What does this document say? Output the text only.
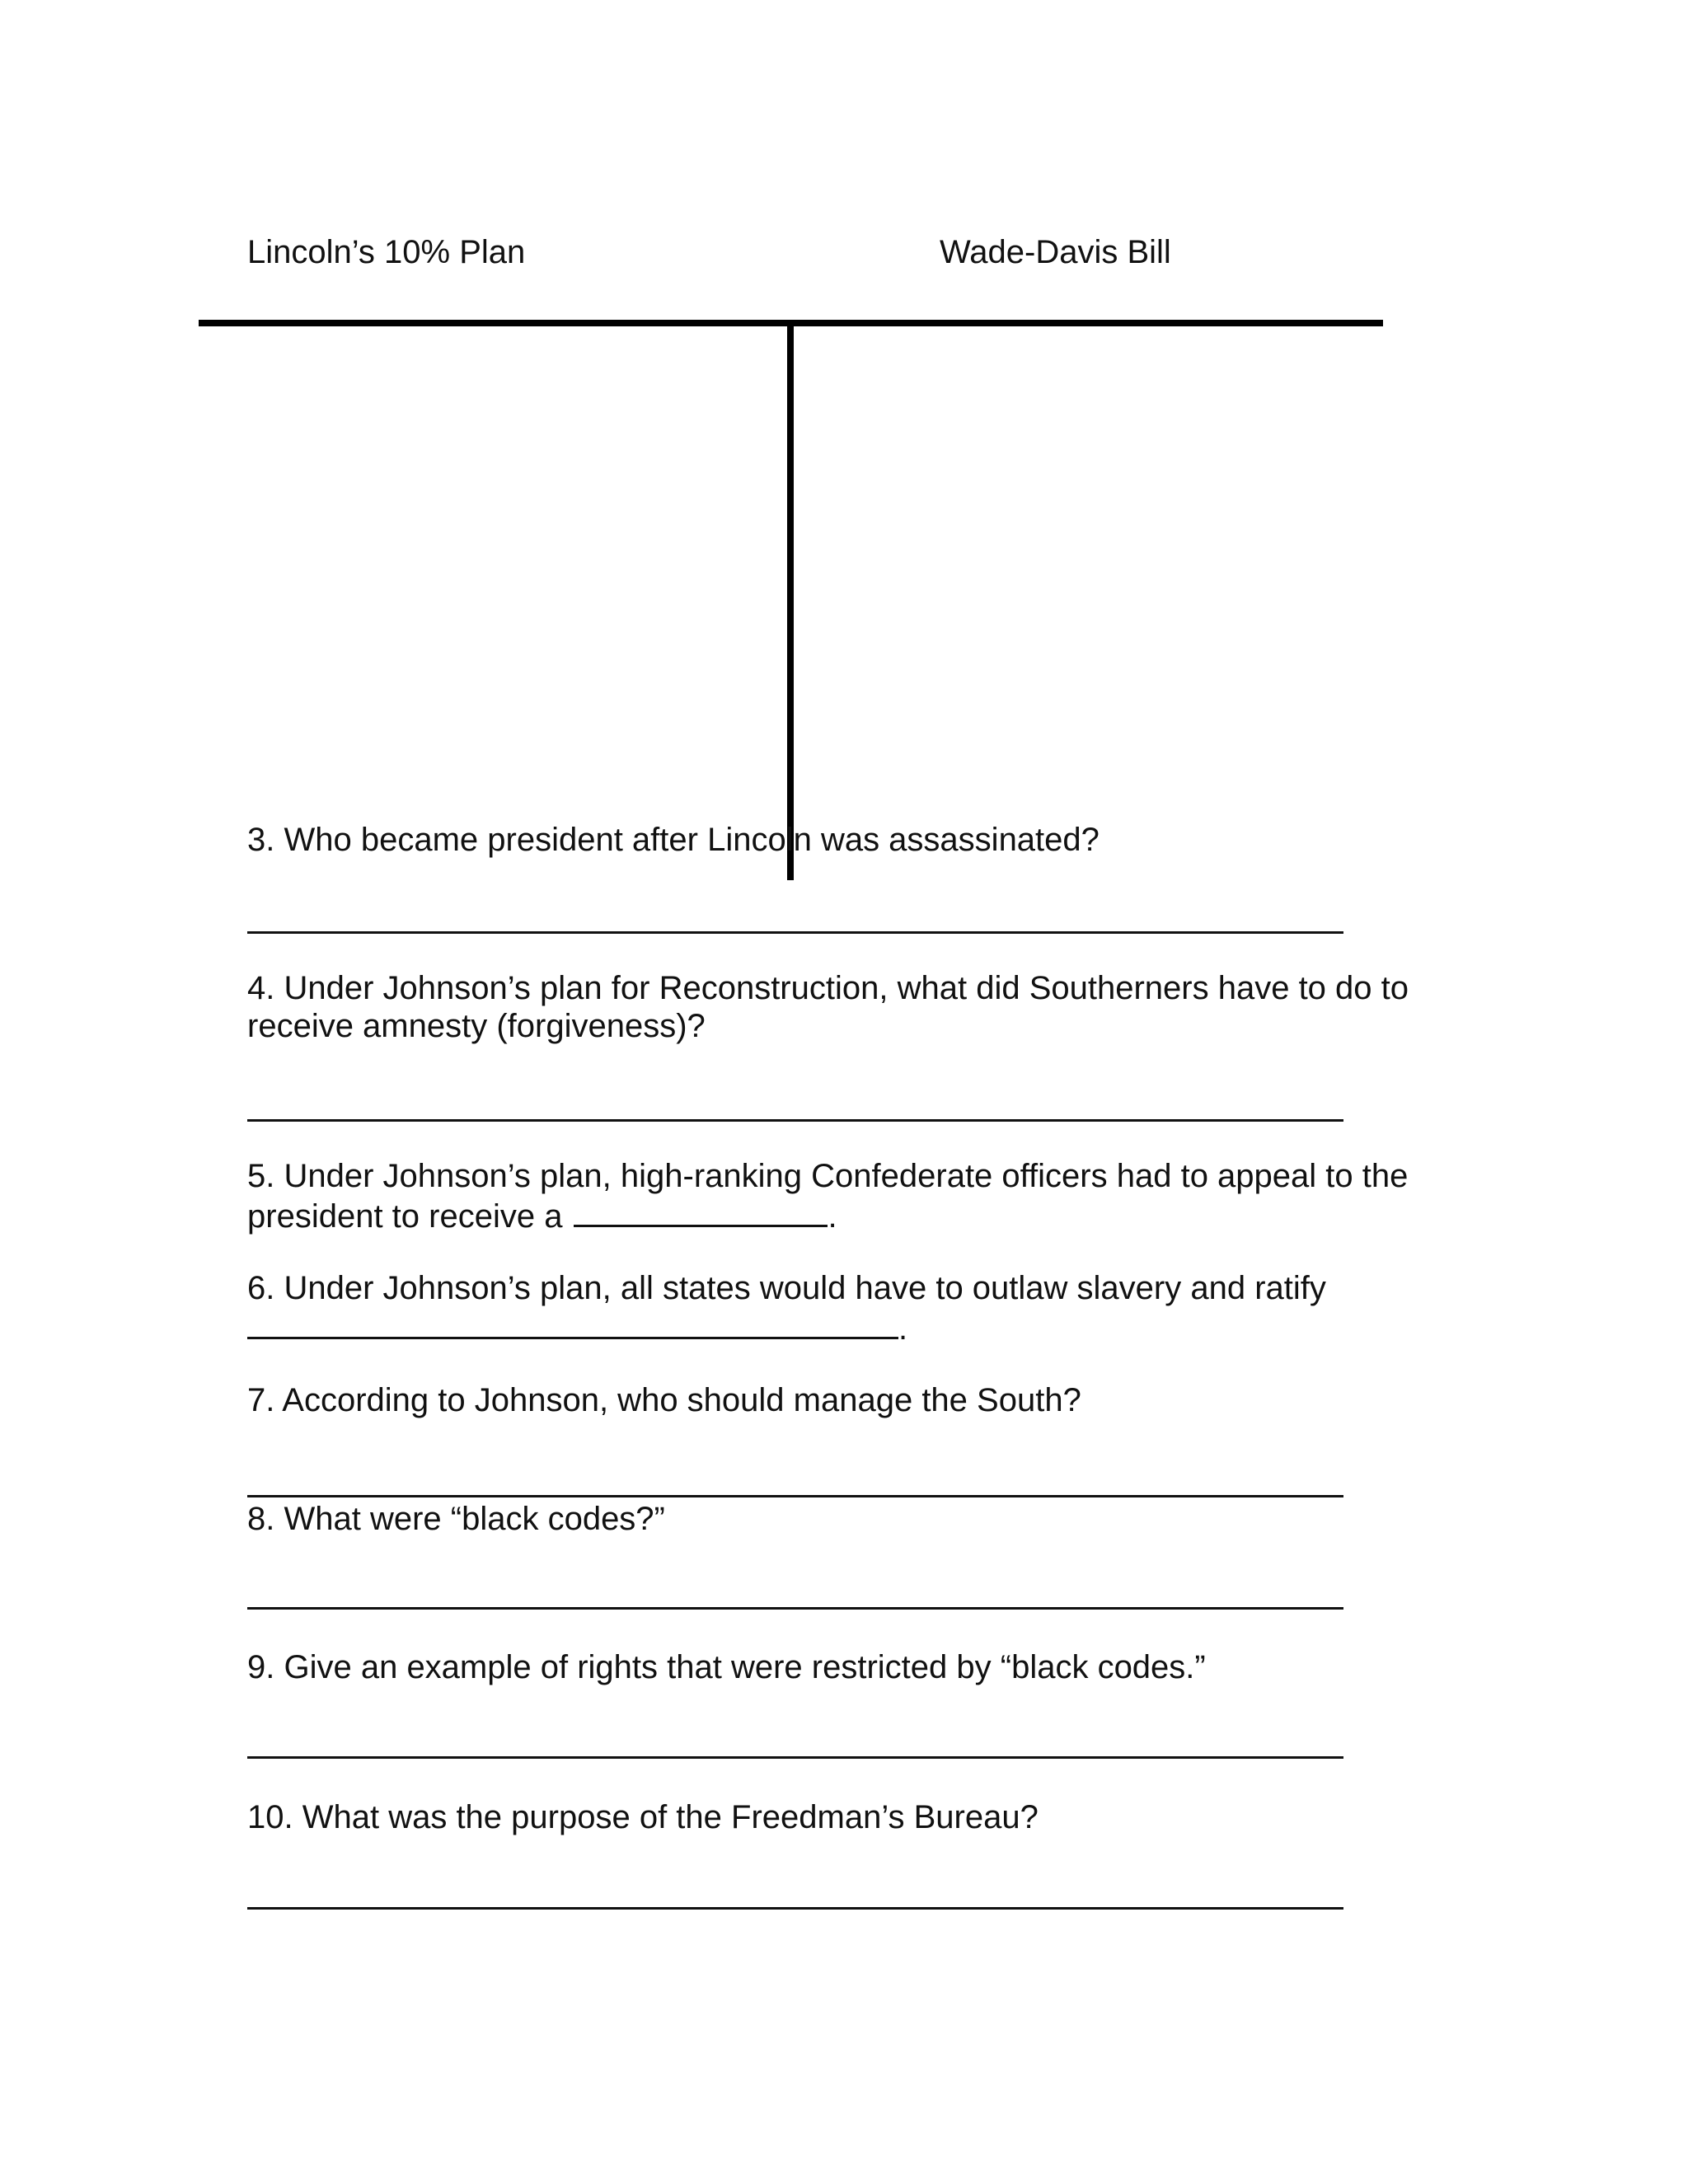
Lincoln’s 10% Plan	Wade-Davis Bill
3. Who became president after Lincoln was assassinated?
4. Under Johnson’s plan for Reconstruction, what did Southerners have to do to
receive amnesty (forgiveness)?
5. Under Johnson’s plan, high-ranking Confederate officers had to appeal to the
president to receive a	.
6. Under Johnson’s plan, all states would have to outlaw slavery and ratify
.
7. According to Johnson, who should manage the South?
8. What were “black codes?”
9. Give an example of rights that were restricted by “black codes.”
10. What was the purpose of the Freedman’s Bureau?
